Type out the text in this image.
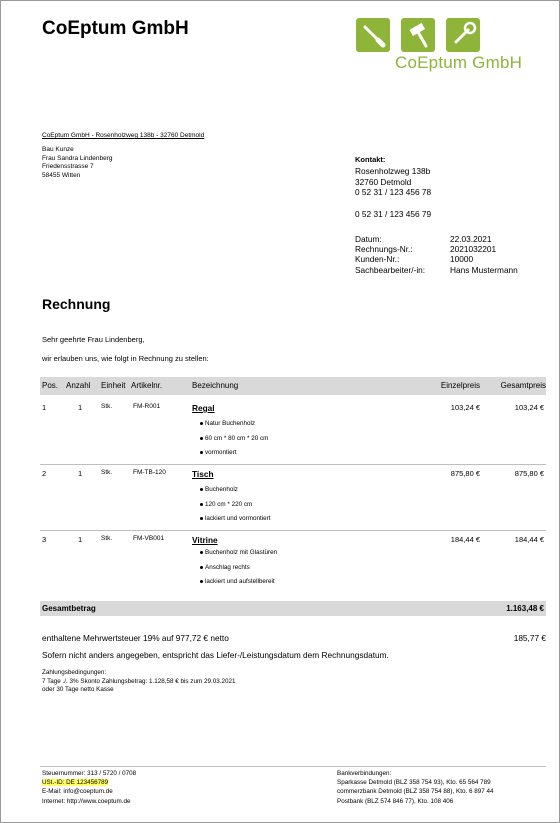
CoEptum GmbH
CoEptum GmbH
CoEptum GmbH - Rosenholzweg 138b - 32760 Detmold
Bau Kunze
Frau Sandra Lindenberg
Friedensstrasse 7
58455 Witten
Kontakt:
Rosenholzweg 138b
32760 Detmold
0 52 31 / 123 456 78
0 52 31 / 123 456 79
Datum:	22.03.2021
Rechnungs-Nr.:	2021032201
Kunden-Nr.:	10000
Sachbearbeiter/-in:	Hans Mustermann
Rechnung
Sehr geehrte Frau Lindenberg,
wir erlauben uns, wie folgt in Rechnung zu stellen:
Pos. Anzahl Einheit Artikelnr.	Bezeichnung	Einzelpreis	Gesamtpreis
1	1	Stk.	FM-R001	Regal	103,24 €	103,24 €
Natur Buchenholz
60 cm * 80 cm * 20 cm
vormontiert
2	1	Stk.	FM-TB-120	Tisch	875,80 €	875,80 €
Buchenholz
120 cm * 220 cm
lackiert und vormontiert
3	1	Stk.	FM-VB001	Vitrine	184,44 €	184,44 €
Buchenholz mit Glastüren
Anschlag rechts
lackiert und aufstellbereit
Gesamtbetrag	1.163,48 €
enthaltene Mehrwertsteuer 19% auf 977,72 € netto	185,77 €
Sofern nicht anders angegeben, entspricht das Liefer-/Leistungsdatum dem Rechnungsdatum.
Zahlungsbedingungen:
7 Tage ./. 3% Skonto Zahlungsbetrag: 1.128,58 € bis zum 29.03.2021
oder 30 Tage netto Kasse
Steuernummer: 313 / 5720 / 0708
USt.-ID: DE 123456789
E-Mail: info@coeptum.de
Internet: http://www.coeptum.de
Bankverbindungen:
Sparkasse Detmold (BLZ 358 754 93), Kto. 65 564 789
commerzbank Detmold (BLZ 358 754 88), Kto. 6 897 44
Postbank (BLZ 574 846 77), Kto. 108 406
